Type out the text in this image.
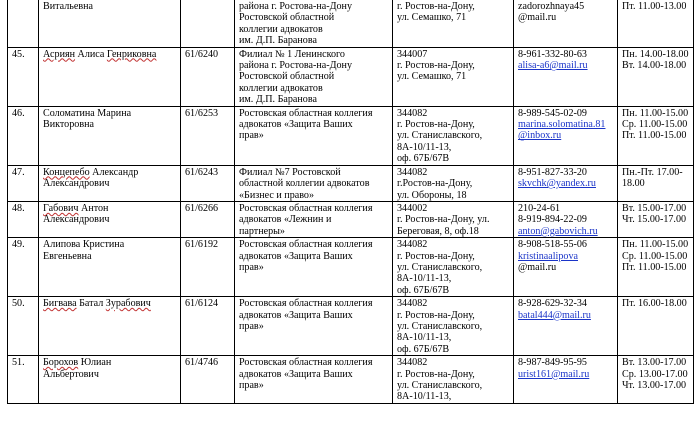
	Витальевна		района г. Ростова-на-Дону
Ростовской областной
коллегии адвокатов
им. Д.П. Баранова	г. Ростов-на-Дону,
ул. Семашко, 71	zadorozhnaya45
@mail.ru	Пт. 11.00-13.00

45.	Асриян Алиса Генриковна	61/6240	Филиал № 1 Ленинского
района г. Ростова-на-Дону
Ростовской областной
коллегии адвокатов
им. Д.П. Баранова	344007
г. Ростов-на-Дону,
ул. Семашко, 71	8-961-332-80-63
alisa-a6@mail.ru	Пн. 14.00-18.00
Вт. 14.00-18.00

46.	Соломатина Марина
Викторовна	61/6253	Ростовская областная коллегия
адвокатов «Защита Ваших
прав»	344082
г. Ростов-на-Дону,
ул. Станиславского,
8А-10/11-13,
оф. 67Б/67В	8-989-545-02-09
marina.solomatina.81
@inbox.ru	Пн. 11.00-15.00
Ср. 11.00-15.00
Пт. 11.00-15.00

47.	Концепебо Александр
Александрович	61/6243	Филиал №7 Ростовской
областной коллегии адвокатов
«Бизнес и право»	344082
г.Ростов-на-Дону,
ул. Обороны, 18	8-951-827-33-20
skvchk@yandex.ru	Пн.-Пт. 17.00-
18.00

48.	Габович Антон
Александрович	61/6266	Ростовская областная коллегия
адвокатов «Лежнин и
партнеры»	344002
г. Ростов-на-Дону, ул.
Береговая, 8, оф.18	210-24-61
8-919-894-22-09
anton@gabovich.ru	Вт. 15.00-17.00
Чт. 15.00-17.00

49.	Алипова Кристина
Евгеньевна	61/6192	Ростовская областная коллегия
адвокатов «Защита Ваших
прав»	344082
г. Ростов-на-Дону,
ул. Станиславского,
8А-10/11-13,
оф. 67Б/67В	8-908-518-55-06
kristinaalipova
@mail.ru	Пн. 11.00-15.00
Ср. 11.00-15.00
Пт. 11.00-15.00

50.	Бигвава Батал Зурабович	61/6124	Ростовская областная коллегия
адвокатов «Защита Ваших
прав»	344082
г. Ростов-на-Дону,
ул. Станиславского,
8А-10/11-13,
оф. 67Б/67В	8-928-629-32-34
batal444@mail.ru	Пт. 16.00-18.00

51.	Борохов Юлиан
Альбертович	61/4746	Ростовская областная коллегия
адвокатов «Защита Ваших
прав»	344082
г. Ростов-на-Дону,
ул. Станиславского,
8А-10/11-13,	8-987-849-95-95
urist161@mail.ru	Вт. 13.00-17.00
Ср. 13.00-17.00
Чт. 13.00-17.00
